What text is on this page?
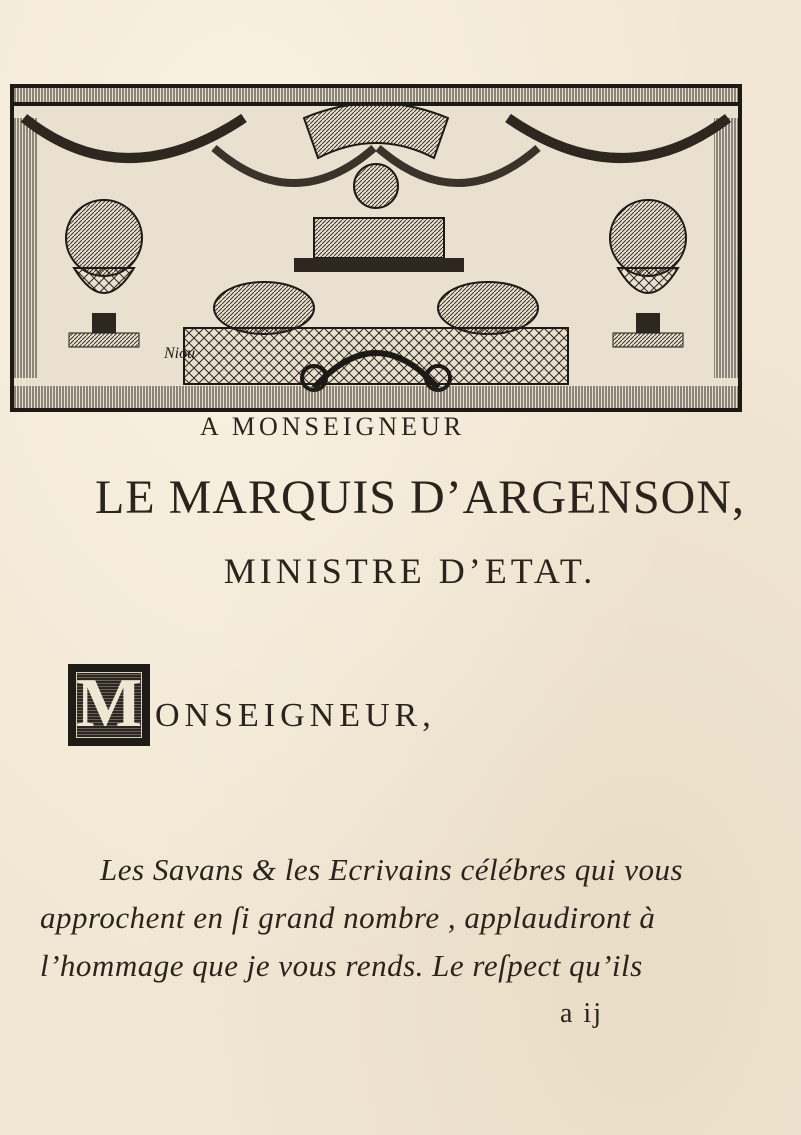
Niou
A MONSEIGNEUR
LE MARQUIS D’ARGENSON,
MINISTRE D’ETAT.
M ONSEIGNEUR,
Les Savans & les Ecrivains célébres qui vous
approchent en ſi grand nombre , applaudiront à
l’hommage que je vous rends. Le reſpect qu’ils
a ij
